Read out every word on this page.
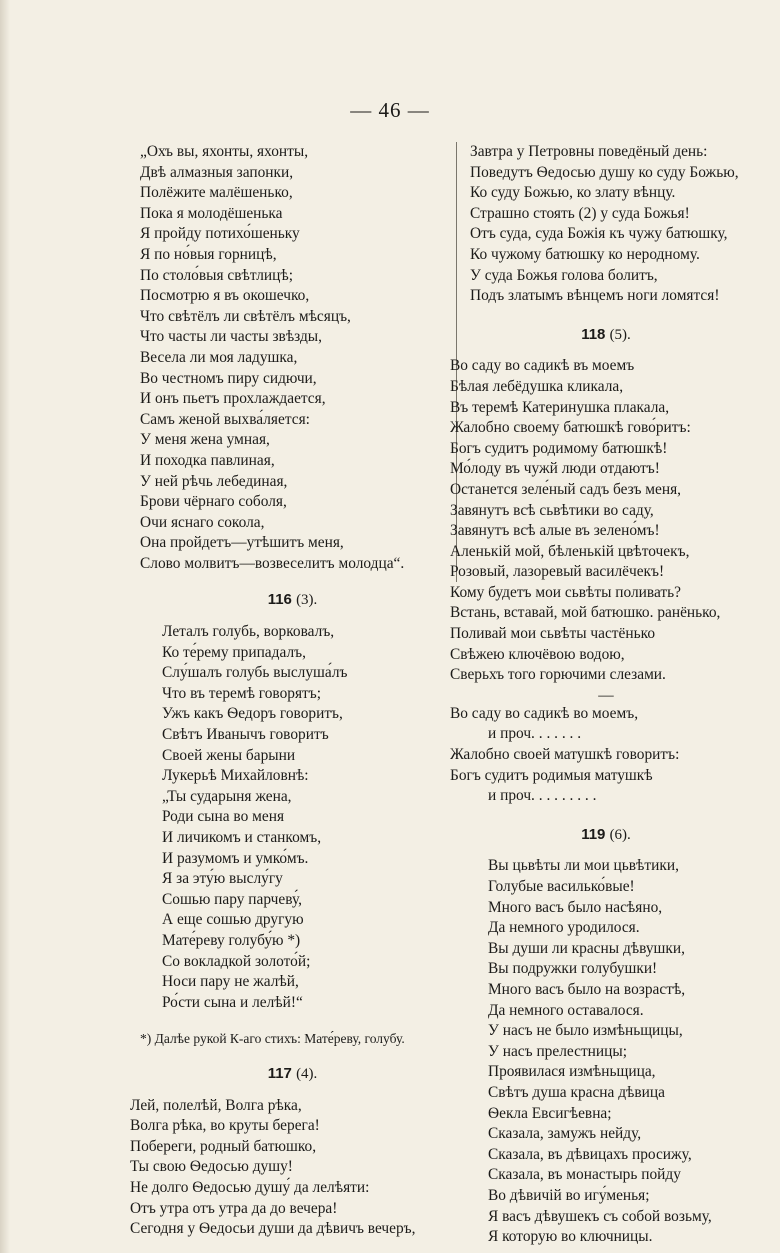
— 46 —
„Охъ вы, яхонты, яхонты,
Двѣ алмазныя запонки,
Полёжите малёшенько,
Пока я молодёшенька
Я пройду потихо́шеньку
Я по но́выя горницѣ,
По столо́выя свѣтлицѣ;
Посмотрю я въ окошечко,
Что свѣтёлъ ли свѣтёлъ мѣсяцъ,
Что часты ли часты звѣзды,
Весела ли моя ладушка,
Во честномъ пиру сидючи,
И онъ пьетъ прохлаждается,
Самъ женой выхва́ляется:
У меня жена умная,
И походка павлиная,
У ней рѣчь лебединая,
Брови чёрнаго соболя,
Очи яснаго сокола,
Она пройдетъ—утѣшитъ меня,
Слово молвитъ—возвеселитъ молодца“.
116 (3).
Леталъ голубь, ворковалъ,
Ко те́рему припадалъ,
Слу́шалъ голубь выслуша́лъ
Что въ теремѣ говорятъ;
Ужъ какъ Ѳедоръ говоритъ,
Свѣтъ Иванычъ говоритъ
Своей жены барыни
Лукерьѣ Михайловнѣ:
„Ты сударыня жена,
Роди сына во меня
И личикомъ и станкомъ,
И разумомъ и умко́мъ.
Я за эту́ю выслу́гу
Сошью пару парчеву́,
А еще сошью другую
Мате́реву голубу́ю *)
Со вокладкой золото́й;
Носи пару не жалѣй,
Ро́сти сына и лелѣй!“
*) Далѣе рукой К-аго стихъ: Мате́реву, голубу.
117 (4).
Лей, полелѣй, Волга рѣка,
Волга рѣка, во круты берега!
Побереги, родный батюшко,
Ты свою Ѳедосью душу!
Не долго Ѳедосью душу́ да лелѣяти:
Отъ утра отъ утра да до вечера!
Сегодня у Ѳедосьи души да дѣвичъ вечеръ,
Завтра у Петровны поведёный день:
Поведутъ Ѳедосью душу ко суду Божью,
Ко суду Божью, ко злату вѣнцу.
Страшно стоять (2) у суда Божья!
Отъ суда, суда Божія къ чужу батюшку,
Ко чужому батюшку ко неродному.
У суда Божья голова болитъ,
Подъ златымъ вѣнцемъ ноги ломятся!
118 (5).
Во саду во садикѣ въ моемъ
Бѣлая лебёдушка кликала,
Въ теремѣ Катеринушка плакала,
Жалобно своему батюшкѣ гово́ритъ:
Богъ судитъ родимому батюшкѣ!
Мо́лоду въ чужй люди отдаютъ!
Останется зеле́ный садъ безъ меня,
Завянутъ всѣ сьвѣтики во саду,
Завянутъ всѣ алые въ зелено́мъ!
Аленькій мой, бѣленькій цвѣточекъ,
Розовый, лазоревый василёчекъ!
Кому будетъ мои сьвѣты поливать?
Встань, вставай, мой батюшко. ранёнько,
Поливай мои сьвѣты частёнько
Свѣжею ключёвою водою,
Сверьхъ того горючими слезами.
—
Во саду во садикѣ во моемъ,
и проч. . . . . . .
Жалобно своей матушкѣ говоритъ:
Богъ судитъ родимыя матушкѣ
и проч. . . . . . . . .
119 (6).
Вы цьвѣты ли мои цьвѣтики,
Голубые василько́вые!
Много васъ было насѣяно,
Да немного уродилося.
Вы души ли красны дѣвушки,
Вы подружки голубушки!
Много васъ было на возрастѣ,
Да немного оставалося.
У насъ не было измѣньщицы,
У насъ прелестницы;
Проявилася измѣньщица,
Свѣтъ душа красна дѣвица
Ѳекла Евсигѣевна;
Сказала, замужъ нейду,
Сказала, въ дѣвицахъ просижу,
Сказала, въ монастырь пойду
Во дѣвичій во игу́менья;
Я васъ дѣвушекъ съ собой возьму,
Я которую во ключницы.
